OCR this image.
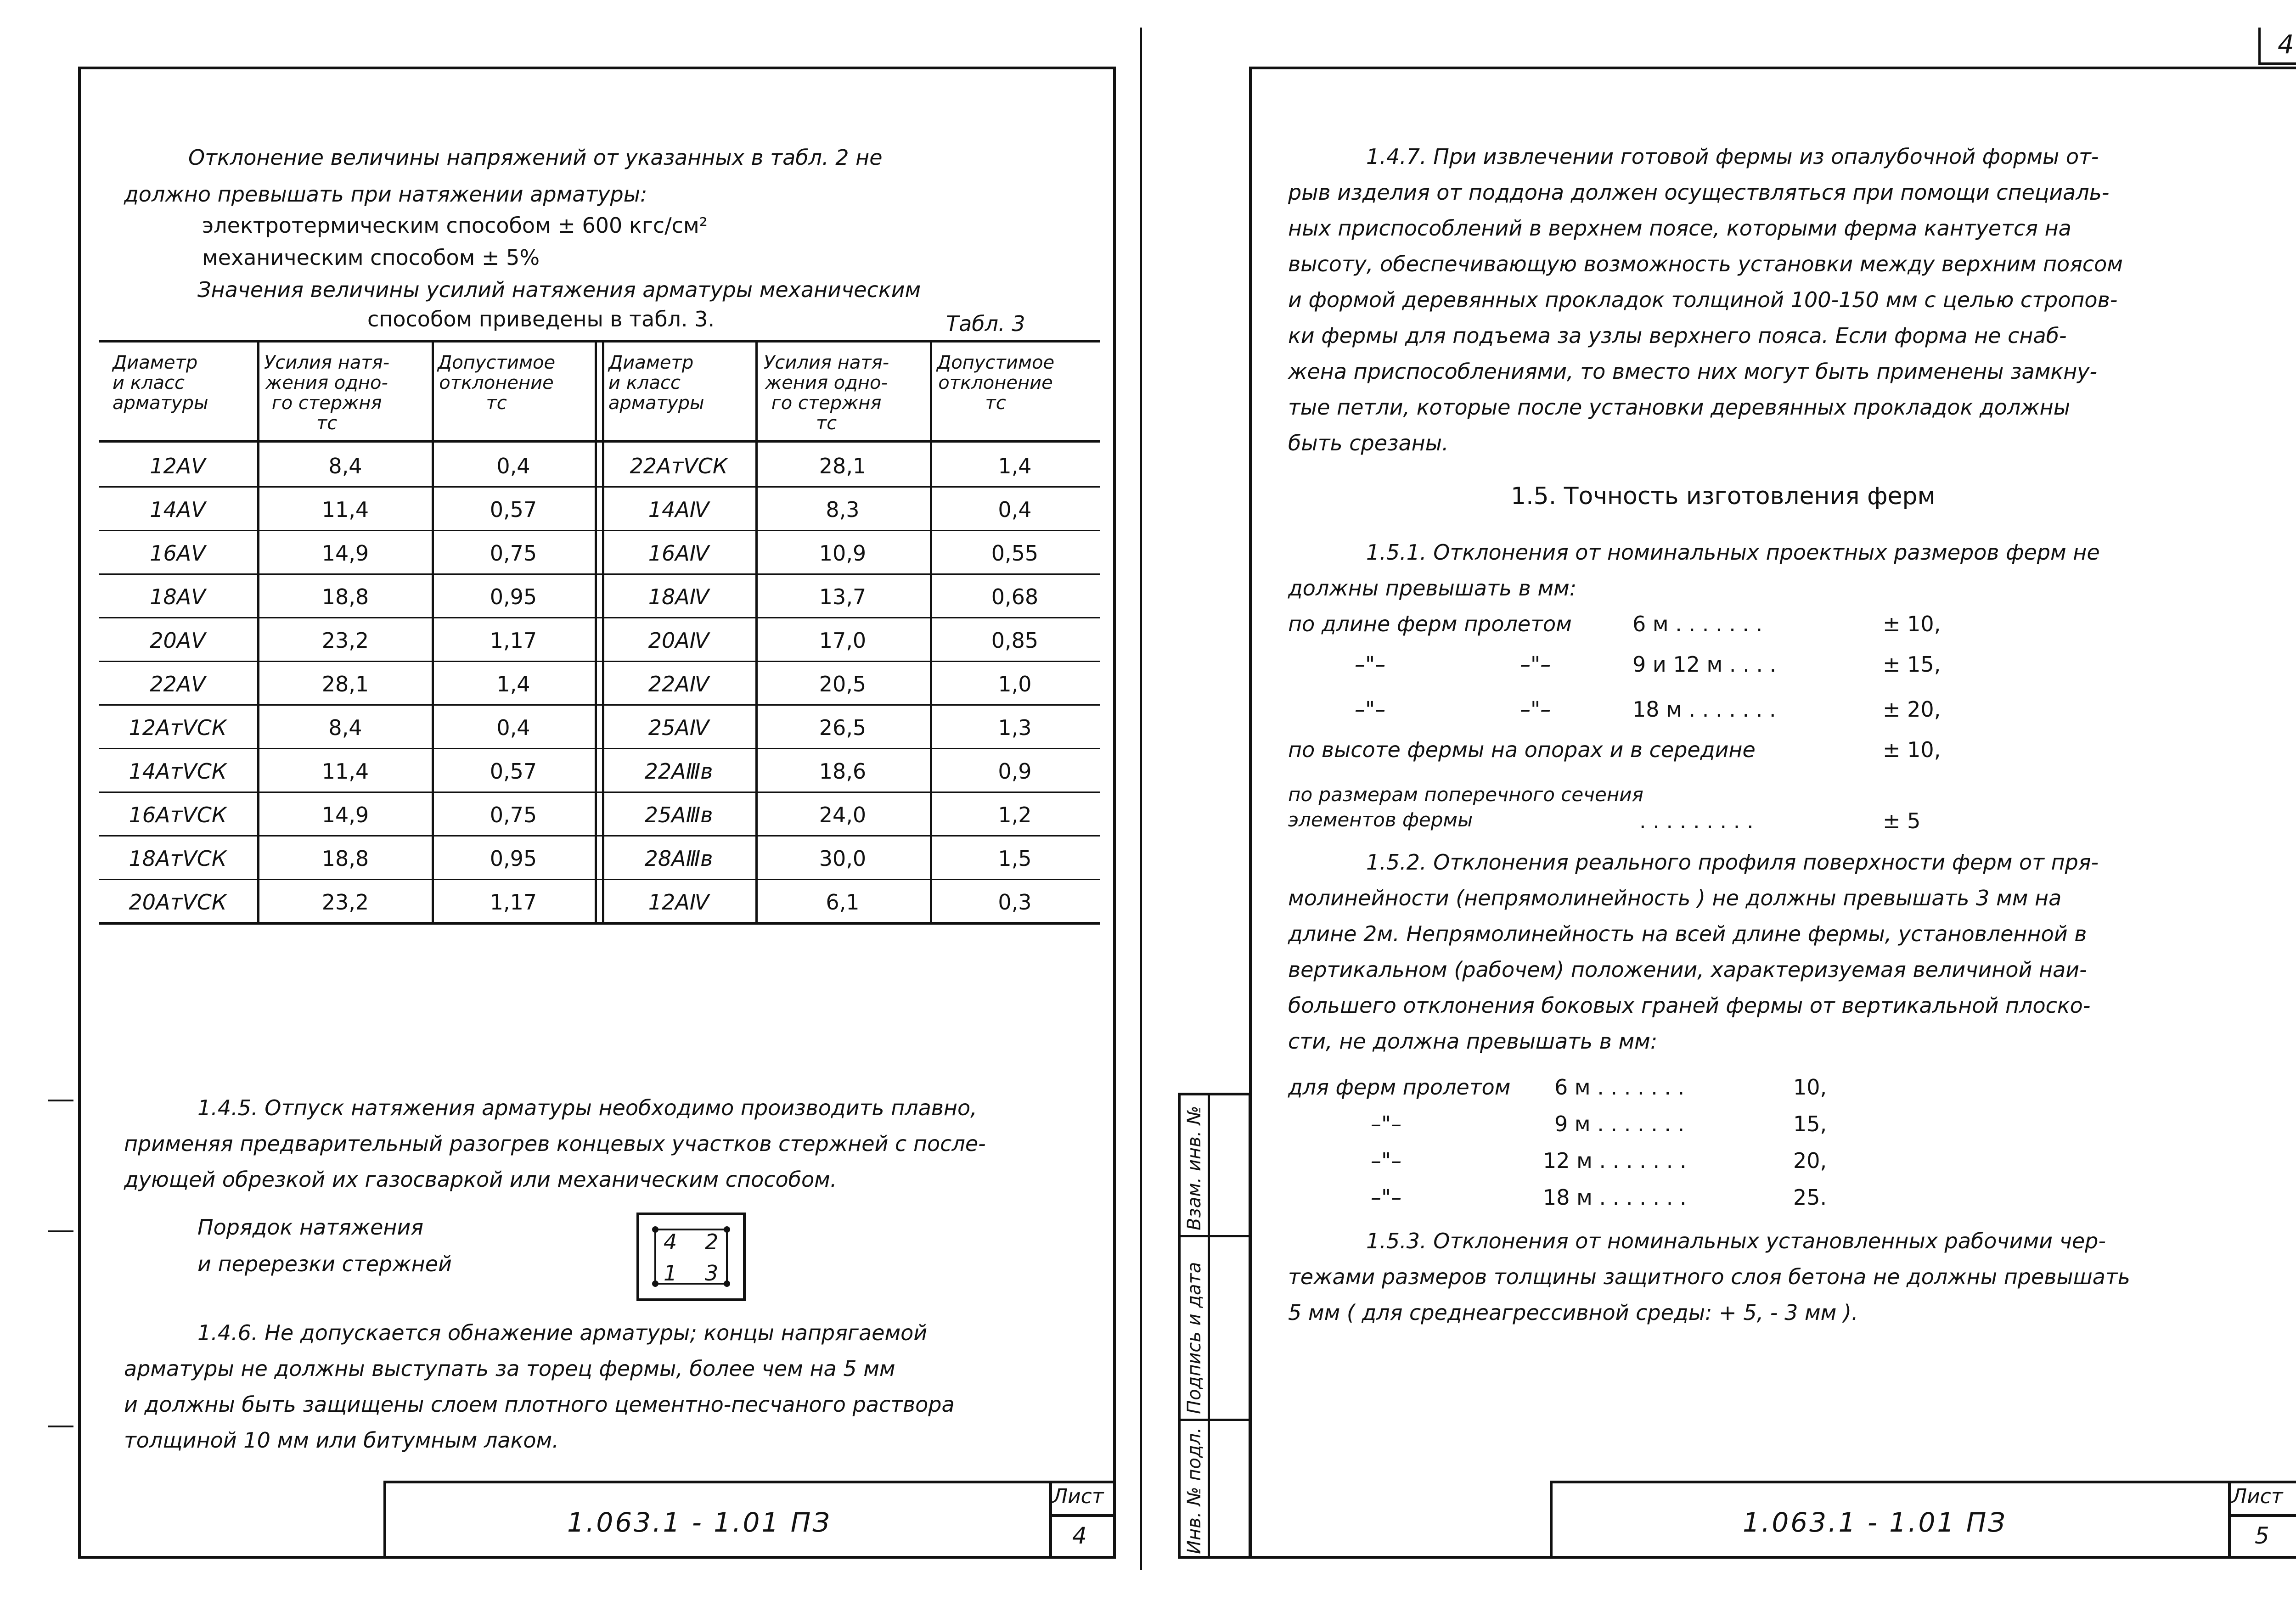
4
Отклонение величины напряжений от указанных в табл. 2 не
должно превышать при натяжении арматуры:
электротермическим способом ± 600 кгс/см²
механическим способом ± 5%
Значения величины усилий натяжения арматуры механическим
способом приведены в табл. 3.	Табл. 3
Диаметр
и класс
арматуры
Усилия натя-
жения одно-
го стержня
тс
Допустимое
отклонение
тс
Диаметр
и класс
арматуры
Усилия натя-
жения одно-
го стержня
тс
Допустимое
отклонение
тс
12АⅤ	8,4	0,4	22АтⅤСК	28,1	1,4
14АⅤ	11,4	0,57	14АⅣ	8,3	0,4
16АⅤ	14,9	0,75	16АⅣ	10,9	0,55
18АⅤ	18,8	0,95	18АⅣ	13,7	0,68
20АⅤ	23,2	1,17	20АⅣ	17,0	0,85
22АⅤ	28,1	1,4	22АⅣ	20,5	1,0
12АтⅤСК	8,4	0,4	25АⅣ	26,5	1,3
14АтⅤСК	11,4	0,57	22АⅢв	18,6	0,9
16АтⅤСК	14,9	0,75	25АⅢв	24,0	1,2
18АтⅤСК	18,8	0,95	28АⅢв	30,0	1,5
20АтⅤСК	23,2	1,17	12АⅣ	6,1	0,3
1.4.5. Отпуск натяжения арматуры необходимо производить плавно,
применяя предварительный разогрев концевых участков стержней с после-
дующей обрезкой их газосваркой или механическим способом.
Порядок натяжения
и перерезки стержней
4 2
1 3
1.4.6. Не допускается обнажение арматуры; концы напрягаемой
арматуры не должны выступать за торец фермы, более чем на 5 мм
и должны быть защищены слоем плотного цементно-песчаного раствора
толщиной 10 мм или битумным лаком.
1.063.1 - 1.01 ПЗ
Лист
4	Инв. № подл.
Подпись и дата
Взам. инв. №
1.4.7. При извлечении готовой фермы из опалубочной формы от-
рыв изделия от поддона должен осуществляться при помощи специаль-
ных приспособлений в верхнем поясе, которыми ферма кантуется на
высоту, обеспечивающую возможность установки между верхним поясом
и формой деревянных прокладок толщиной 100-150 мм с целью стропов-
ки фермы для подъема за узлы верхнего пояса. Если форма не снаб-
жена приспособлениями, то вместо них могут быть применены замкну-
тые петли, которые после установки деревянных прокладок должны
быть срезаны.
1.5. Точность изготовления ферм
1.5.1. Отклонения от номинальных проектных размеров ферм не
должны превышать в мм:
по длине ферм пролетом	6 м . . . . . . .	± 10,
–"–	–"–	9 и 12 м . . . .	± 15,
–"–	–"–	18 м . . . . . . .	± 20,
по высоте фермы на опорах и в середине	± 10,
по размерам поперечного сечения
элементов фермы	. . . . . . . . .	± 5
1.5.2. Отклонения реального профиля поверхности ферм от пря-
молинейности (непрямолинейность ) не должны превышать 3 мм на
длине 2м. Непрямолинейность на всей длине фермы, установленной в
вертикальном (рабочем) положении, характеризуемая величиной наи-
большего отклонения боковых граней фермы от вертикальной плоско-
сти, не должна превышать в мм:
для ферм пролетом 6 м . . . . . . .	10,
–"–	9 м . . . . . . .	15,
–"–	12 м . . . . . . .	20,
–"–	18 м . . . . . . .	25.
1.5.3. Отклонения от номинальных установленных рабочими чер-
тежами размеров толщины защитного слоя бетона не должны превышать
5 мм ( для среднеагрессивной среды: + 5, - 3 мм ).
1.063.1 - 1.01 ПЗ
Лист
5
